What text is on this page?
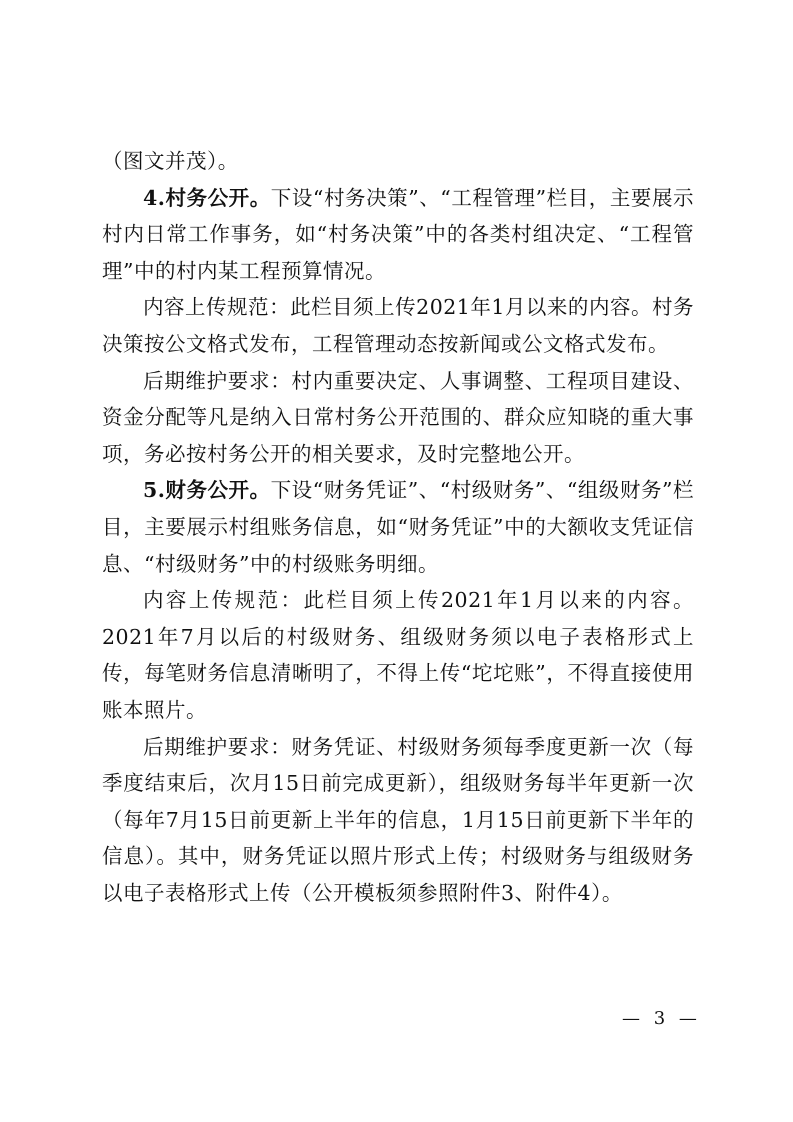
（图文并茂）。

4.村务公开。下设“村务决策”、“工程管理”栏目，主要展示村内日常工作事务，如“村务决策”中的各类村组决定、“工程管理”中的村内某工程预算情况。

内容上传规范：此栏目须上传2021年1月以来的内容。村务决策按公文格式发布，工程管理动态按新闻或公文格式发布。

后期维护要求：村内重要决定、人事调整、工程项目建设、资金分配等凡是纳入日常村务公开范围的、群众应知晓的重大事项，务必按村务公开的相关要求，及时完整地公开。

5.财务公开。下设“财务凭证”、“村级财务”、“组级财务”栏目，主要展示村组账务信息，如“财务凭证”中的大额收支凭证信息、“村级财务”中的村级账务明细。

内容上传规范：此栏目须上传2021年1月以来的内容。2021年7月以后的村级财务、组级财务须以电子表格形式上传，每笔财务信息清晰明了，不得上传“坨坨账”，不得直接使用账本照片。

后期维护要求：财务凭证、村级财务须每季度更新一次（每季度结束后，次月15日前完成更新），组级财务每半年更新一次（每年7月15日前更新上半年的信息，1月15日前更新下半年的信息）。其中，财务凭证以照片形式上传；村级财务与组级财务以电子表格形式上传（公开模板须参照附件3、附件4）。

— 3 —
